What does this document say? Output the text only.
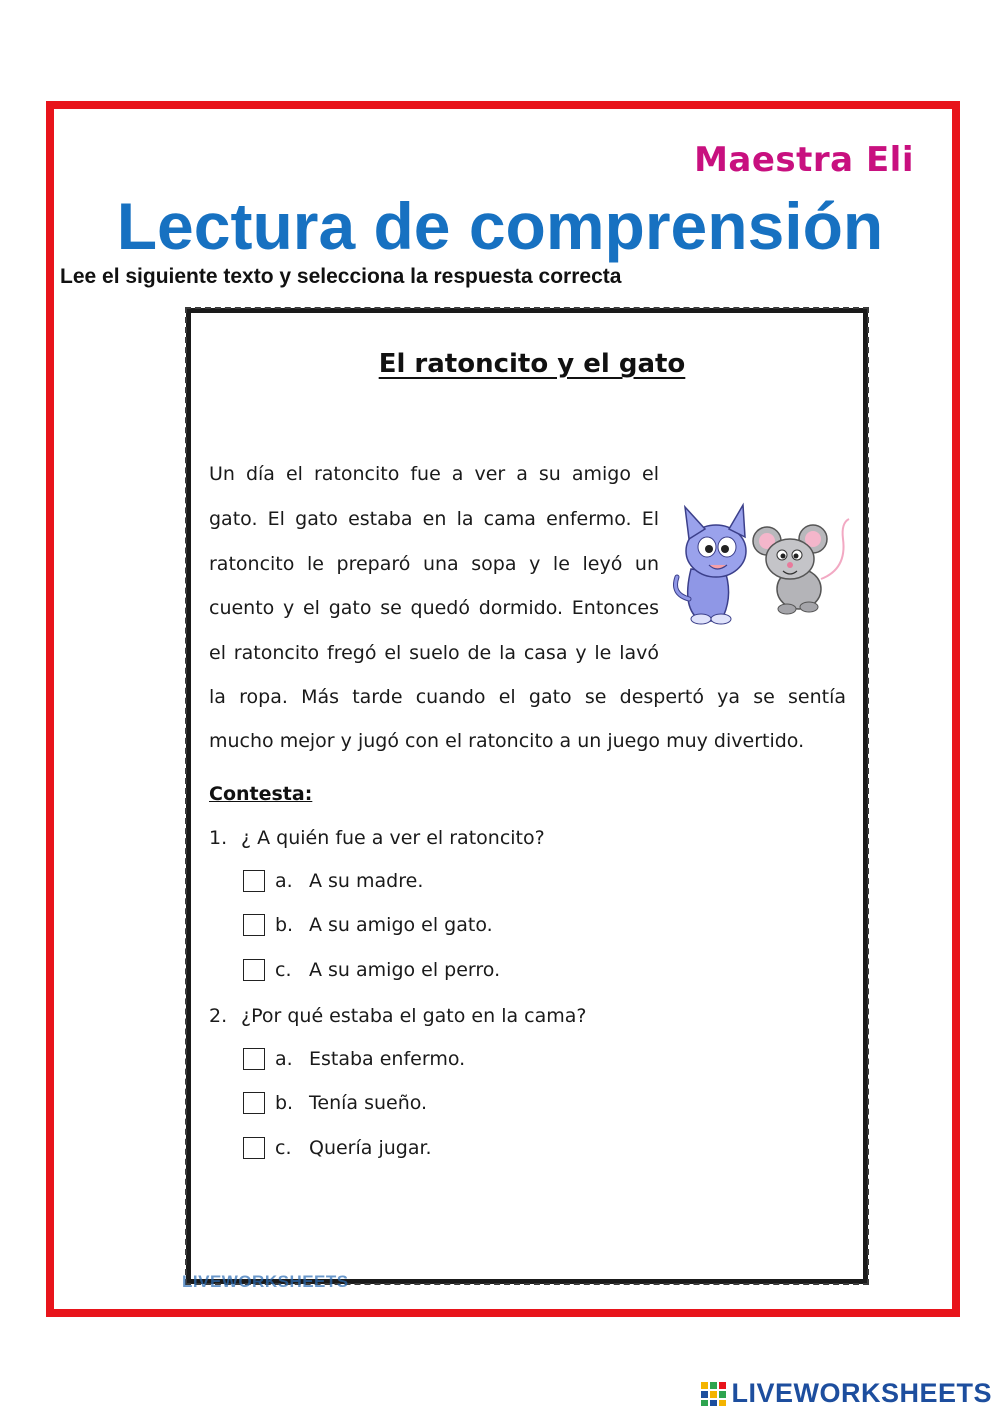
Maestra Eli
Lectura de comprensión
Lee el siguiente texto y selecciona la respuesta correcta
El ratoncito y el gato
Un día el ratoncito fue a ver a su amigo el
gato. El gato estaba en la cama enfermo. El
ratoncito le preparó una sopa y le leyó un
cuento y el gato se quedó dormido. Entonces
el ratoncito fregó el suelo de la casa y le lavó
la ropa. Más tarde cuando el gato se despertó ya se sentía
mucho mejor y jugó con el ratoncito a un juego muy divertido.
Contesta:
1. ¿ A quién fue a ver el ratoncito?
a. A su madre.
b. A su amigo el gato.
c. A su amigo el perro.
2. ¿Por qué estaba el gato en la cama?
a. Estaba enfermo.
b. Tenía sueño.
c. Quería jugar.
LIVEWORKSHEETS
LIVEWORKSHEETS
